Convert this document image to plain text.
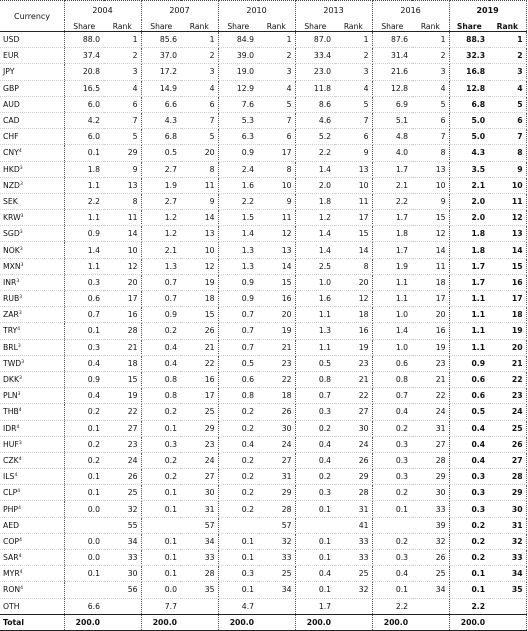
Currency	2004		2007		2010		2013		2016		2019	
	Share	Rank	Share	Rank	Share	Rank	Share	Rank	Share	Rank	Share	Rank
USD	88.0	1	85.6	1	84.9	1	87.0	1	87.6	1	88.3	1
EUR	37.4	2	37.0	2	39.0	2	33.4	2	31.4	2	32.3	2
JPY	20.8	3	17.2	3	19.0	3	23.0	3	21.6	3	16.8	3
GBP	16.5	4	14.9	4	12.9	4	11.8	4	12.8	4	12.8	4
AUD	6.0	6	6.6	6	7.6	5	8.6	5	6.9	5	6.8	5
CAD	4.2	7	4.3	7	5.3	7	4.6	7	5.1	6	5.0	6
CHF	6.0	5	6.8	5	6.3	6	5.2	6	4.8	7	5.0	7
CNY$^4$	0.1	29	0.5	20	0.9	17	2.2	9	4.0	8	4.3	8
HKD$^3$	1.8	9	2.7	8	2.4	8	1.4	13	1.7	13	3.5	9
NZD$^3$	1.1	13	1.9	11	1.6	10	2.0	10	2.1	10	2.1	10
SEK	2.2	8	2.7	9	2.2	9	1.8	11	2.2	9	2.0	11
KRW$^3$	1.1	11	1.2	14	1.5	11	1.2	17	1.7	15	2.0	12
SGD$^3$	0.9	14	1.2	13	1.4	12	1.4	15	1.8	12	1.8	13
NOK$^3$	1.4	10	2.1	10	1.3	13	1.4	14	1.7	14	1.8	14
MXN$^3$	1.1	12	1.3	12	1.3	14	2.5	8	1.9	11	1.7	15
INR$^3$	0.3	20	0.7	19	0.9	15	1.0	20	1.1	18	1.7	16
RUB$^3$	0.6	17	0.7	18	0.9	16	1.6	12	1.1	17	1.1	17
ZAR$^3$	0.7	16	0.9	15	0.7	20	1.1	18	1.0	20	1.1	18
TRY$^4$	0.1	28	0.2	26	0.7	19	1.3	16	1.4	16	1.1	19
BRL$^3$	0.3	21	0.4	21	0.7	21	1.1	19	1.0	19	1.1	20
TWD$^3$	0.4	18	0.4	22	0.5	23	0.5	23	0.6	23	0.9	21
DKK$^3$	0.9	15	0.8	16	0.6	22	0.8	21	0.8	21	0.6	22
PLN$^3$	0.4	19	0.8	17	0.8	18	0.7	22	0.7	22	0.6	23
THB$^4$	0.2	22	0.2	25	0.2	26	0.3	27	0.4	24	0.5	24
IDR$^4$	0.1	27	0.1	29	0.2	30	0.2	30	0.2	31	0.4	25
HUF$^3$	0.2	23	0.3	23	0.4	24	0.4	24	0.3	27	0.4	26
CZK$^4$	0.2	24	0.2	24	0.2	27	0.4	26	0.3	28	0.4	27
ILS$^4$	0.1	26	0.2	27	0.2	31	0.2	29	0.3	29	0.3	28
CLP$^4$	0.1	25	0.1	30	0.2	29	0.3	28	0.2	30	0.3	29
PHP$^4$	0.0	32	0.1	31	0.2	28	0.1	31	0.1	33	0.3	30
AED		55		57		57		41		39	0.2	31
COP$^4$	0.0	34	0.1	34	0.1	32	0.1	33	0.2	32	0.2	32
SAR$^4$	0.0	33	0.1	33	0.1	33	0.1	33	0.3	26	0.2	33
MYR$^4$	0.1	30	0.1	28	0.3	25	0.4	25	0.4	25	0.1	34
RON$^4$		56	0.0	35	0.1	34	0.1	32	0.1	34	0.1	35
OTH	6.6		7.7		4.7		1.7		2.2		2.2	
Total	200.0		200.0		200.0		200.0		200.0		200.0	
